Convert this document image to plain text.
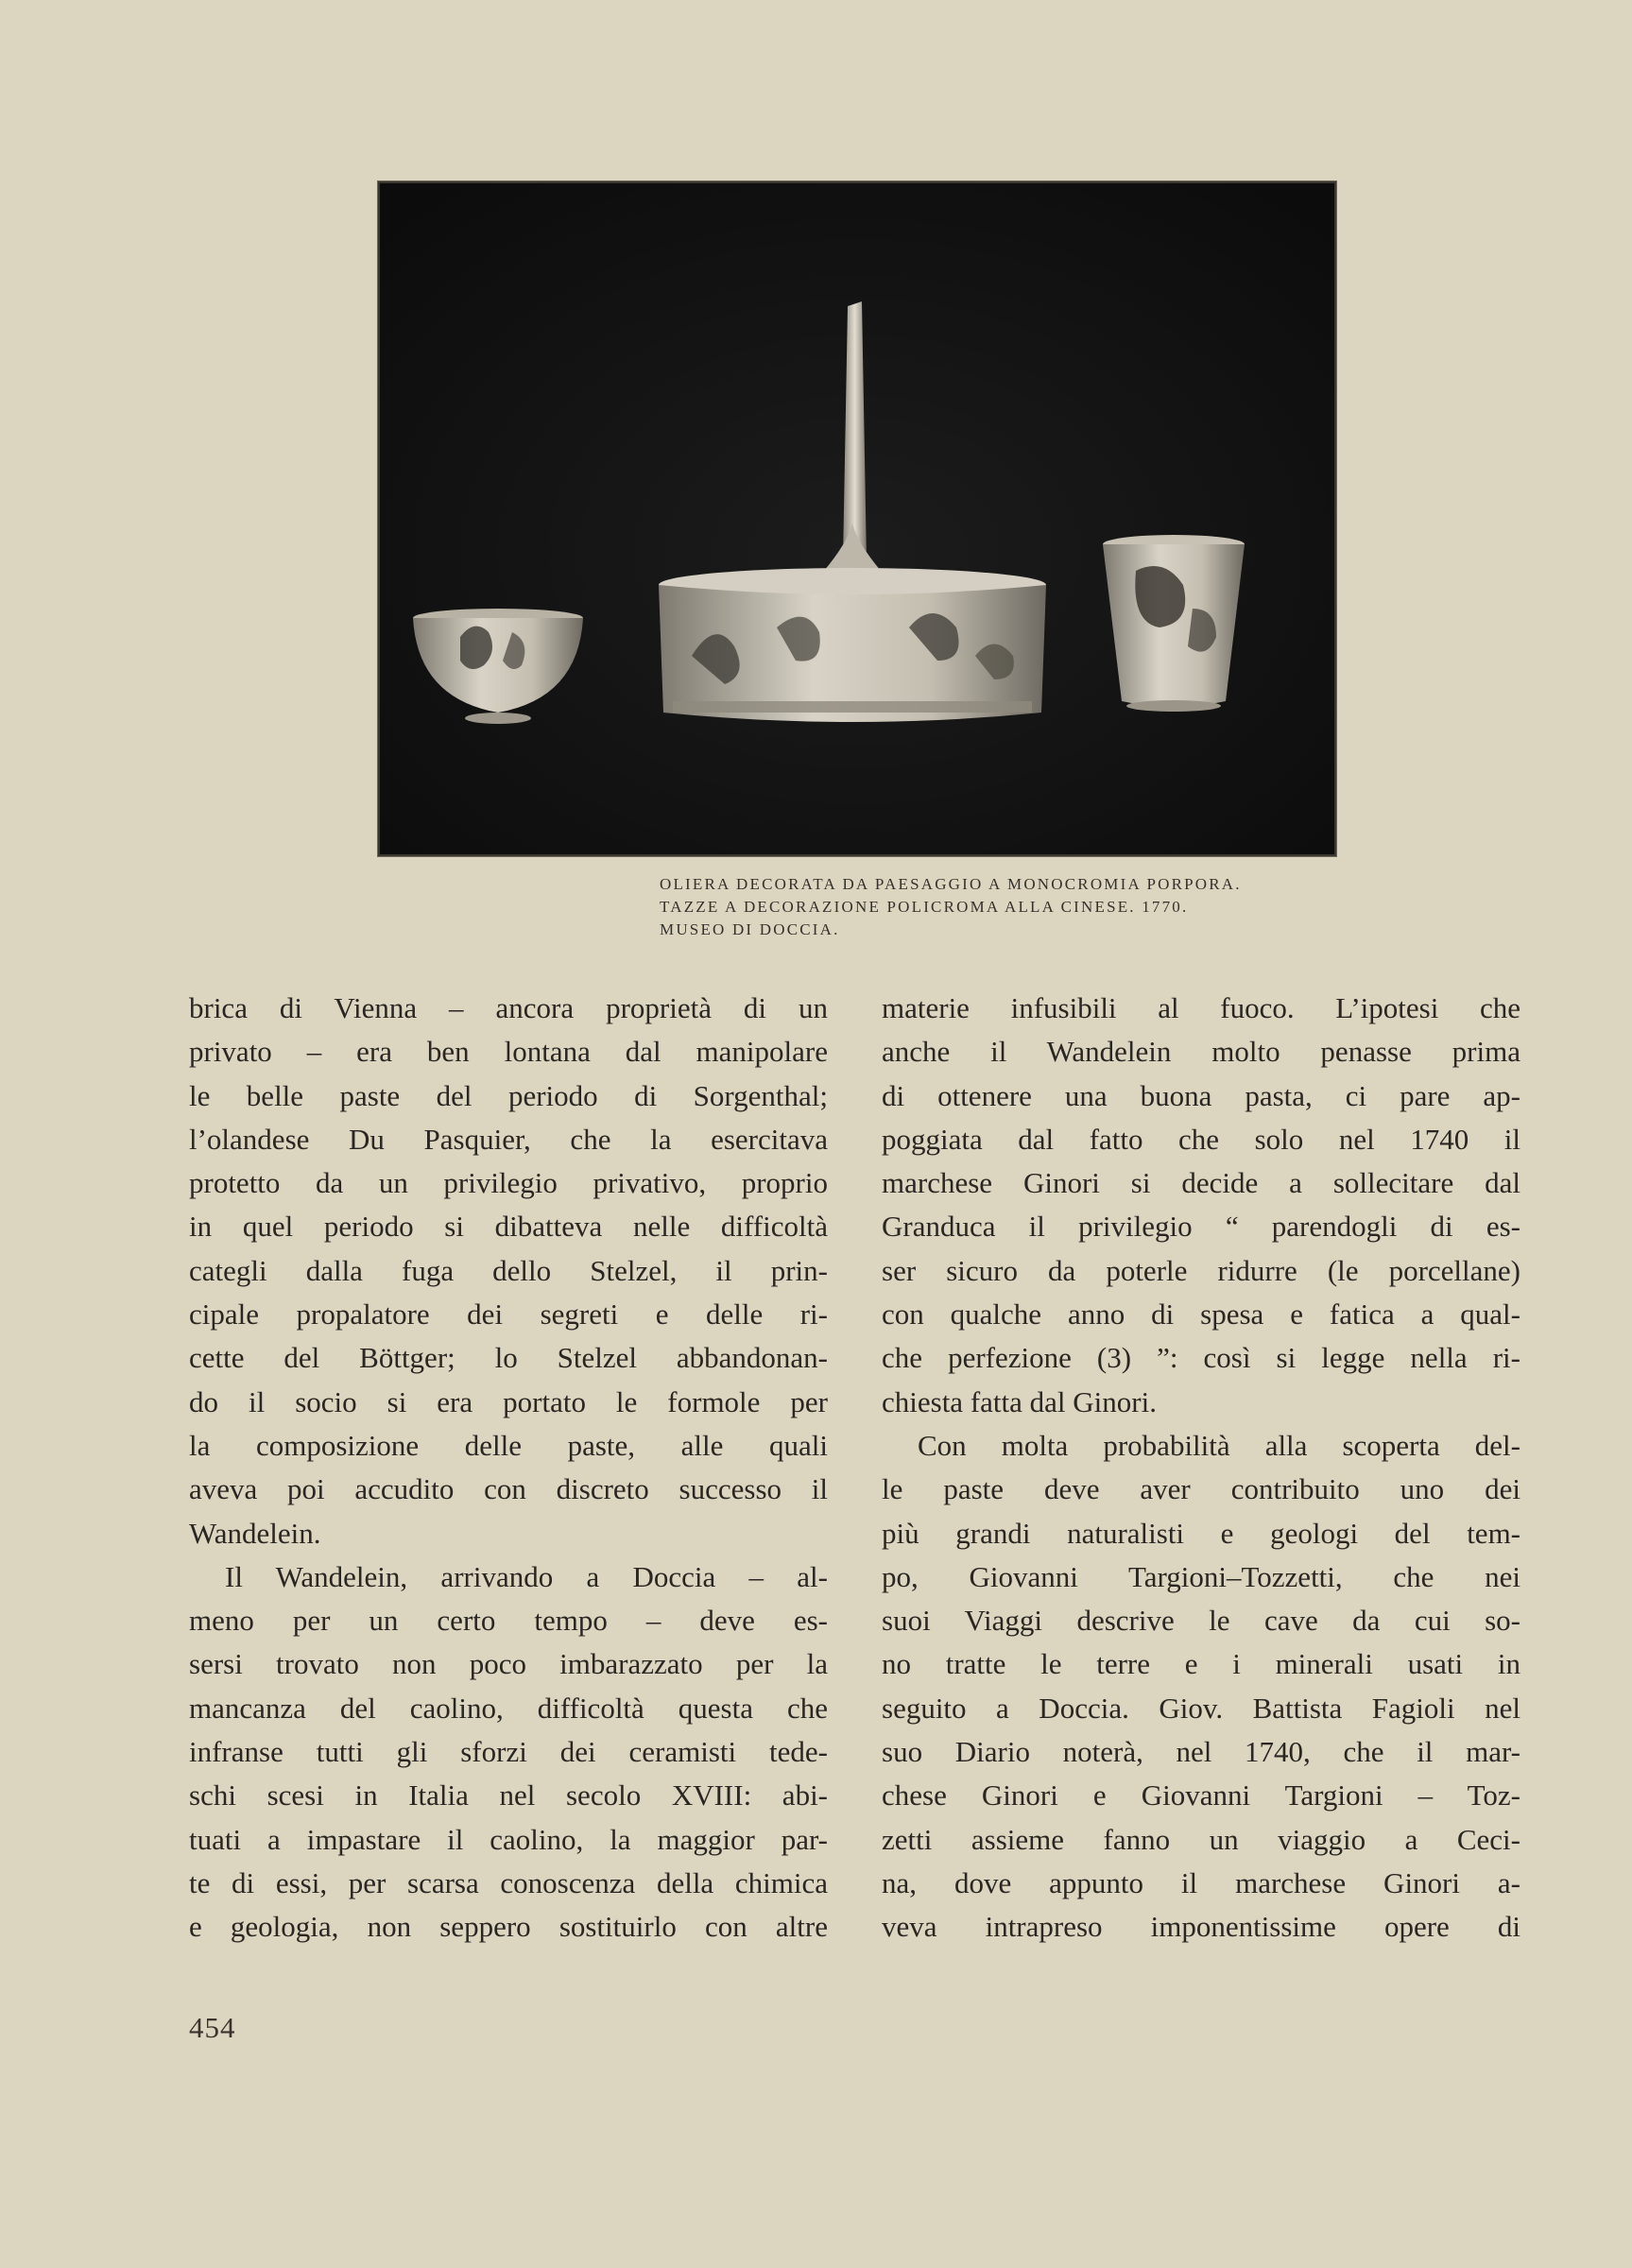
OLIERA DECORATA DA PAESAGGIO A MONOCROMIA PORPORA.
TAZZE A DECORAZIONE POLICROMA ALLA CINESE. 1770.
MUSEO DI DOCCIA.

brica di Vienna – ancora proprietà di un
privato – era ben lontana dal manipolare
le belle paste del periodo di Sorgenthal;
l’olandese Du Pasquier, che la esercitava
protetto da un privilegio privativo, proprio
in quel periodo si dibatteva nelle difficoltà
categli dalla fuga dello Stelzel, il prin-
cipale propalatore dei segreti e delle ri-
cette del Böttger; lo Stelzel abbandonan-
do il socio si era portato le formole per
la composizione delle paste, alle quali
aveva poi accudito con discreto successo il
Wandelein.

Il Wandelein, arrivando a Doccia – al-
meno per un certo tempo – deve es-
sersi trovato non poco imbarazzato per la
mancanza del caolino, difficoltà questa che
infranse tutti gli sforzi dei ceramisti tede-
schi scesi in Italia nel secolo XVIII: abi-
tuati a impastare il caolino, la maggior par-
te di essi, per scarsa conoscenza della chimica
e geologia, non seppero sostituirlo con altre

materie infusibili al fuoco. L’ipotesi che
anche il Wandelein molto penasse prima
di ottenere una buona pasta, ci pare ap-
poggiata dal fatto che solo nel 1740 il
marchese Ginori si decide a sollecitare dal
Granduca il privilegio “ parendogli di es-
ser sicuro da poterle ridurre (le porcellane)
con qualche anno di spesa e fatica a qual-
che perfezione (3) ”: così si legge nella ri-
chiesta fatta dal Ginori.

Con molta probabilità alla scoperta del-
le paste deve aver contribuito uno dei
più grandi naturalisti e geologi del tem-
po, Giovanni Targioni–Tozzetti, che nei
suoi Viaggi descrive le cave da cui so-
no tratte le terre e i minerali usati in
seguito a Doccia. Giov. Battista Fagioli nel
suo Diario noterà, nel 1740, che il mar-
chese Ginori e Giovanni Targioni – Toz-
zetti assieme fanno un viaggio a Ceci-
na, dove appunto il marchese Ginori a-
veva intrapreso imponentissime opere di

454
